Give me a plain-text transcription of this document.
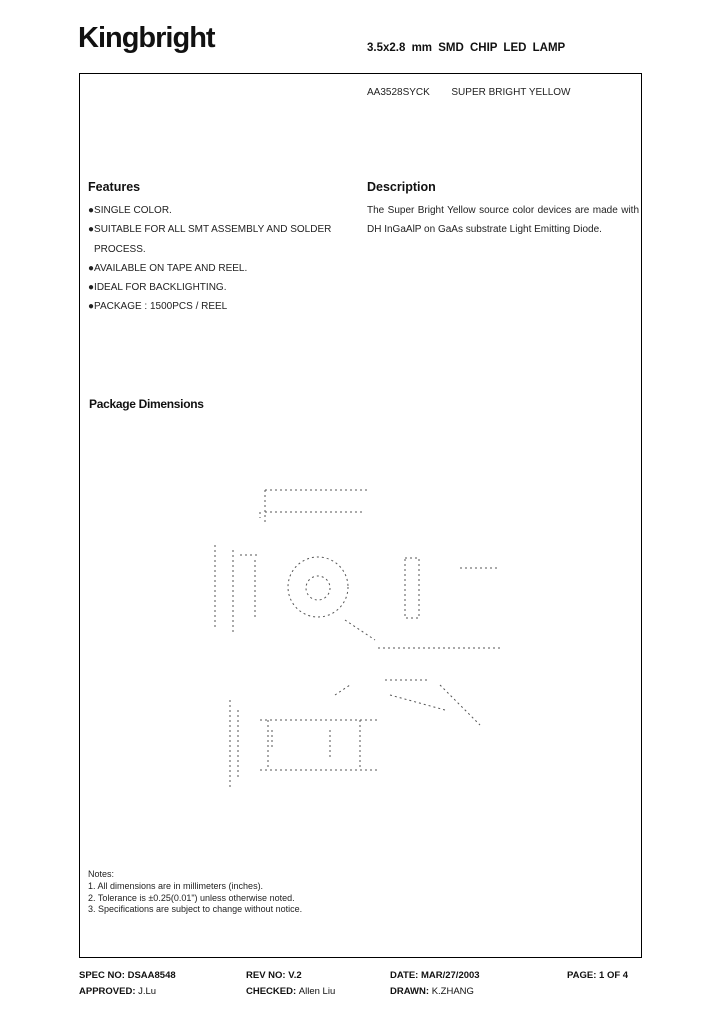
Kingbright	3.5x2.8 mm SMD CHIP LED LAMP
AA3528SYCK SUPER BRIGHT YELLOW
Features
●SINGLE COLOR.
●SUITABLE FOR ALL SMT ASSEMBLY AND SOLDER
PROCESS.
●AVAILABLE ON TAPE AND REEL.
●IDEAL FOR BACKLIGHTING.
●PACKAGE : 1500PCS / REEL
Description
The Super Bright Yellow source color devices are made with DH InGaAlP on GaAs substrate Light Emitting Diode.
Package Dimensions
Notes:
1. All dimensions are in millimeters (inches).
2. Tolerance is ±0.25(0.01") unless otherwise noted.
3. Specifications are subject to change without notice.
SPEC NO: DSAA8548	REV NO: V.2	DATE: MAR/27/2003	PAGE: 1 OF 4
APPROVED: J.Lu	CHECKED: Allen Liu	DRAWN: K.ZHANG
